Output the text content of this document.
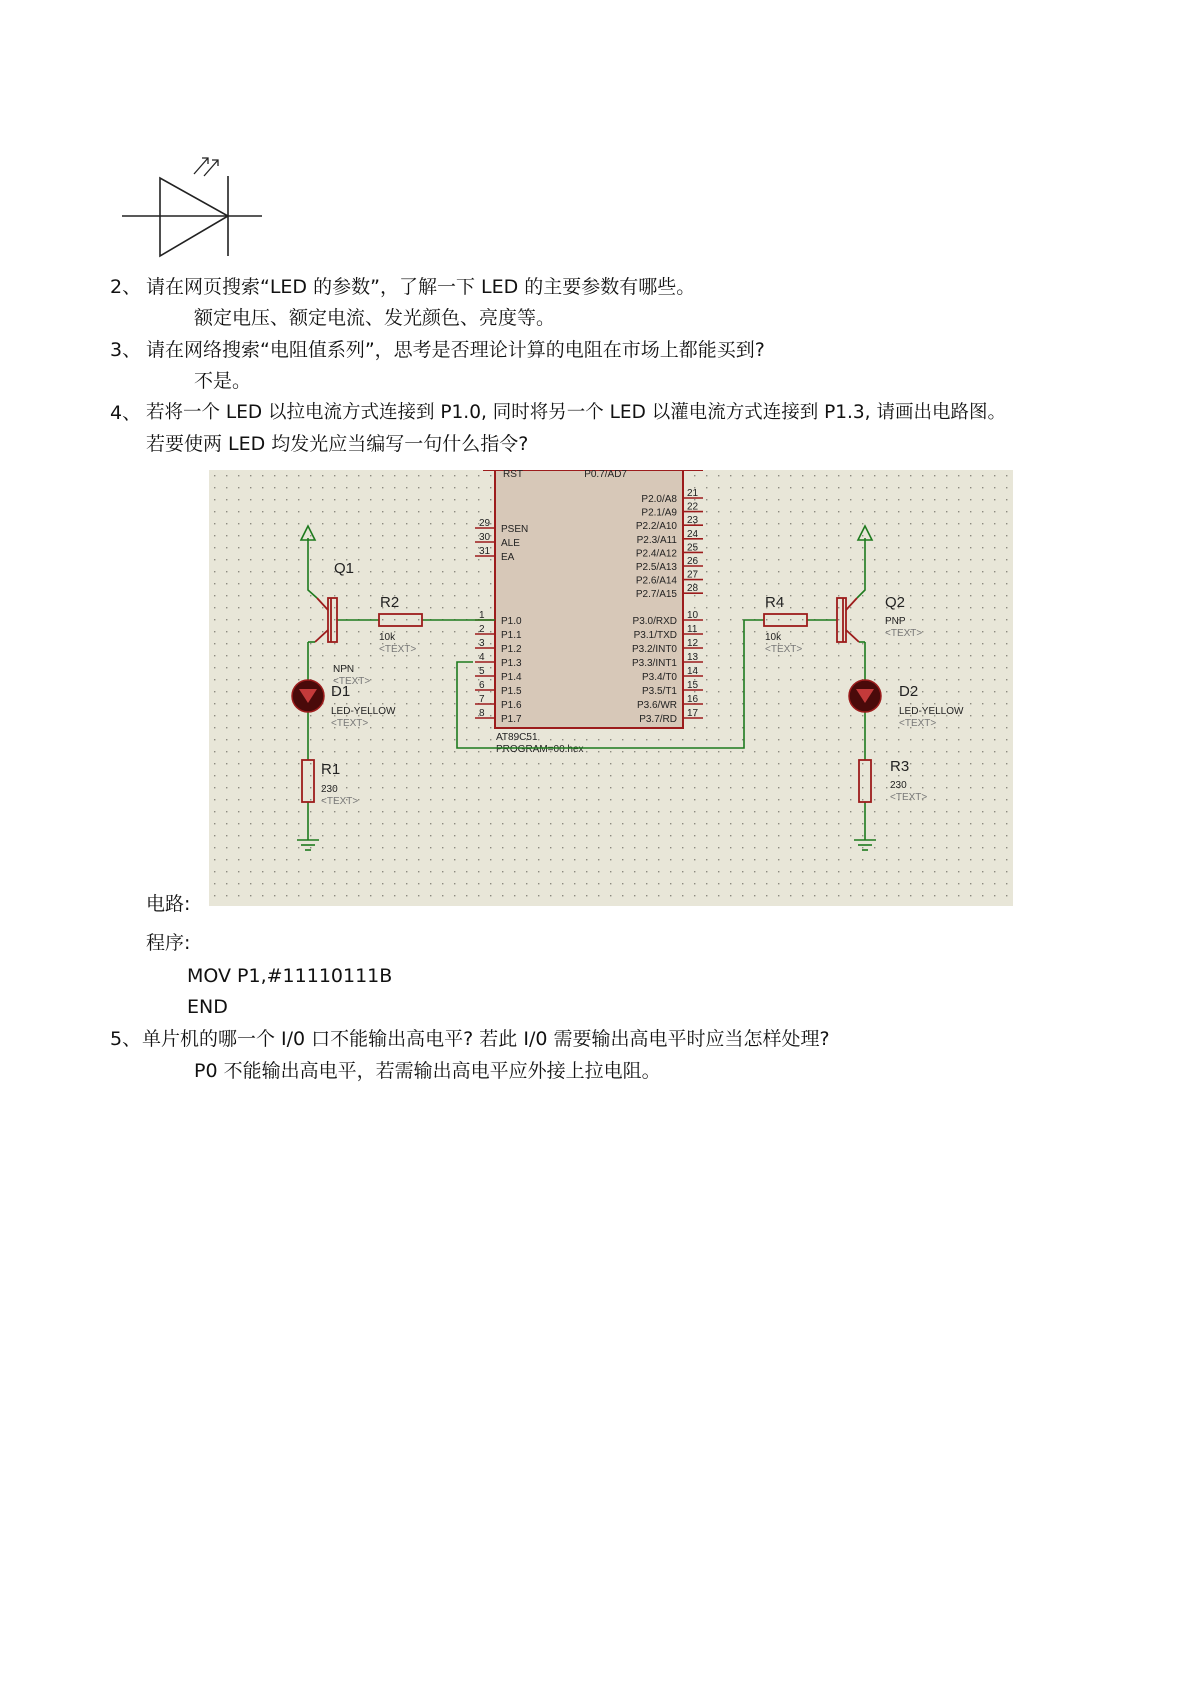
2、 请在网页搜索“LED 的参数”，了解一下 LED 的主要参数有哪些。
额定电压、额定电流、发光颜色、亮度等。
3、 请在网络搜索“电阻值系列”，思考是否理论计算的电阻在市场上都能买到?
不是。
4、 若将一个 LED 以拉电流方式连接到 P1.0, 同时将另一个 LED 以灌电流方式连接到 P1.3, 请画出电路图。
若要使两 LED 均发光应当编写一句什么指令?
电路:
RST	P0.7/AD7
AT89C51
PROGRAM=00.hex
29
PSEN
30
ALE
31
EA
1
P1.0
2
P1.1
3
P1.2
4
P1.3
5
P1.4
6
P1.5
7
P1.6
8
P1.7
21
P2.0/A8
22
P2.1/A9
23
P2.2/A10
24
P2.3/A11
25
P2.4/A12
26
P2.5/A13
27
P2.6/A14
28
P2.7/A15
10
P3.0/RXD
11
P3.1/TXD
12
P3.2/INT0
13
P3.3/INT1
14
P3.4/T0
15
P3.5/T1
16
P3.6/WR
17
P3.7/RD
Q1
R2
10k
<TEXT>
NPN
<TEXT>
D1
LED-YELLOW
<TEXT>
R1
230
<TEXT>
R4
10k
<TEXT>
Q2
PNP
<TEXT>
D2
LED-YELLOW
<TEXT>
R3
230
<TEXT>
程序:
MOV P1,#11110111B
END
5、 单片机的哪一个 I/0 口不能输出高电平? 若此 I/0 需要输出高电平时应当怎样处理?
P0 不能输出高电平，若需输出高电平应外接上拉电阻。
